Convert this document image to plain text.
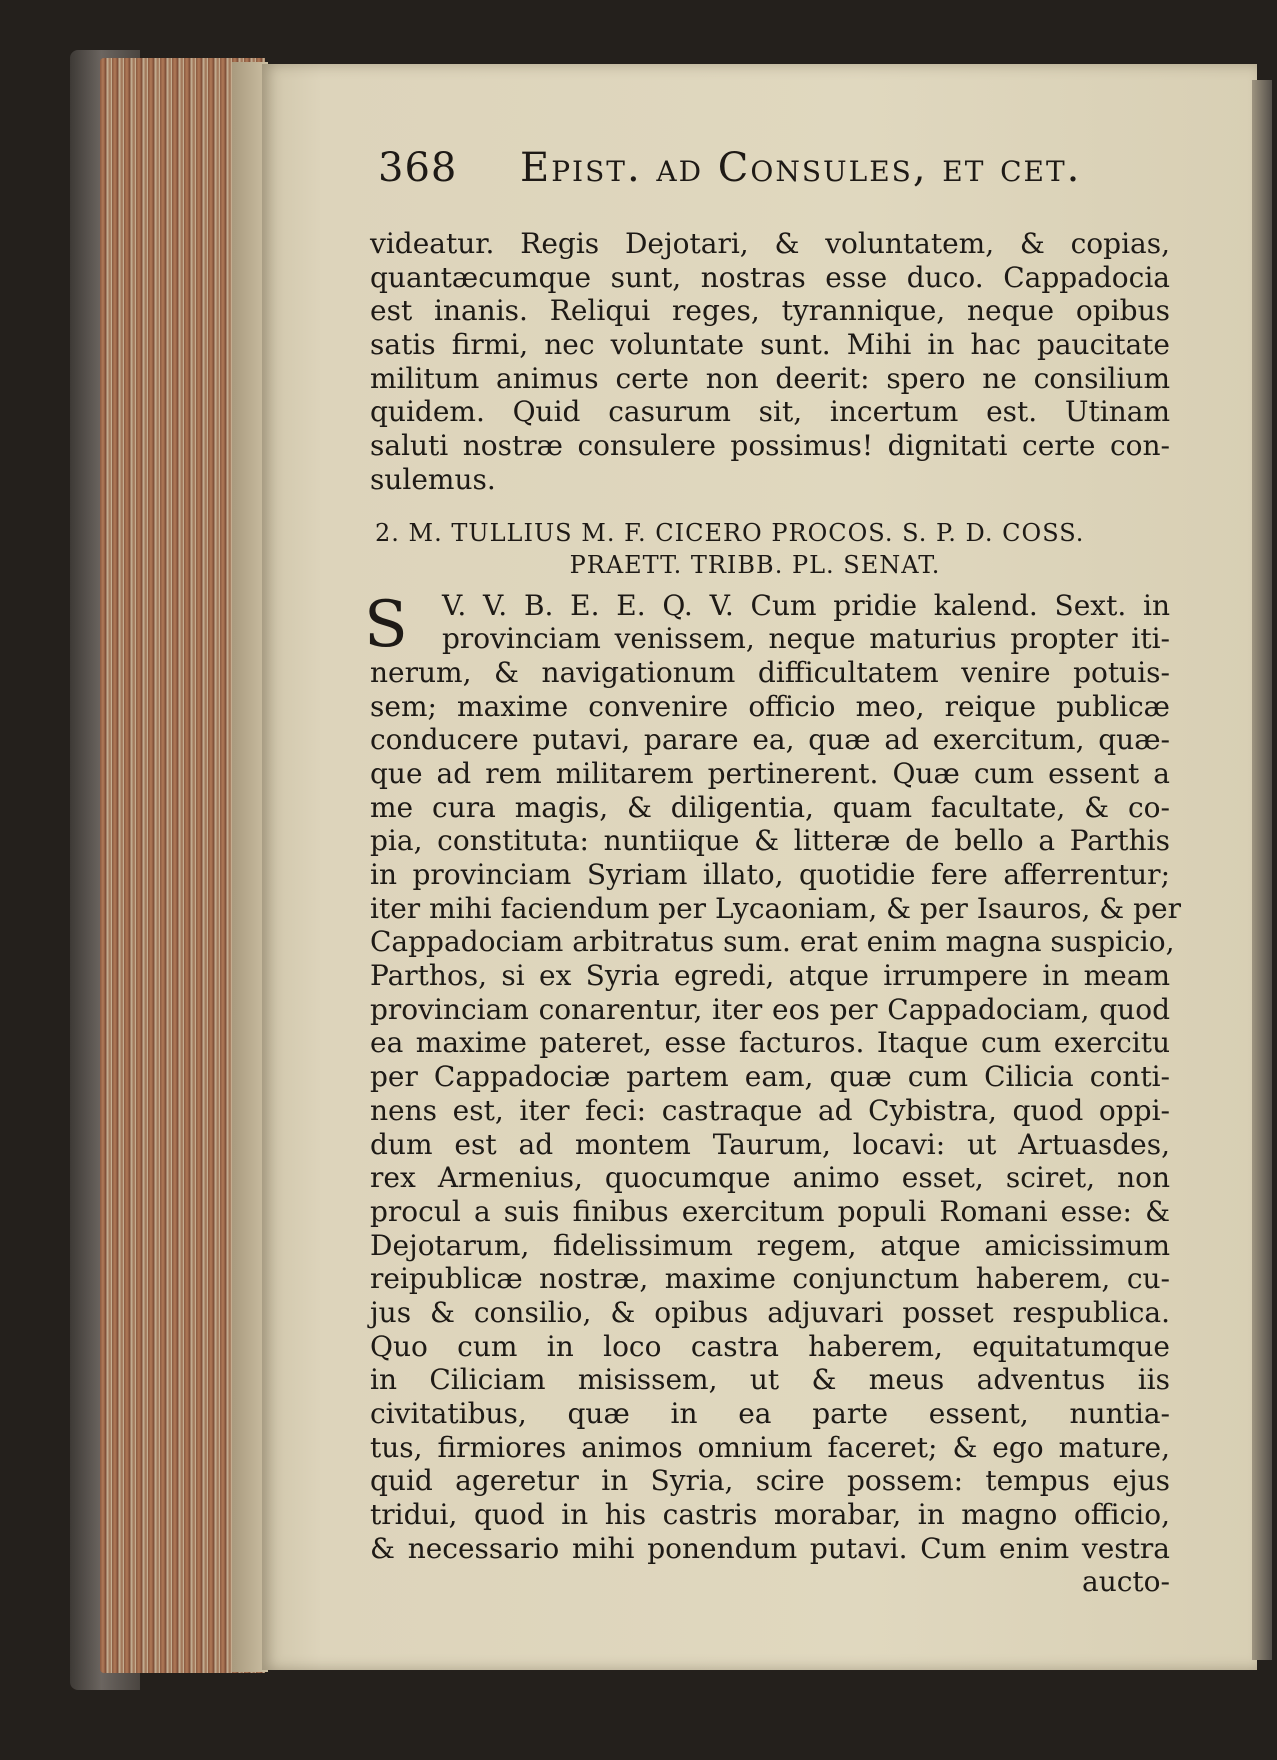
368 Epist. ad Consules, et cet.
videatur. Regis Dejotari, & voluntatem, & copias,
quantæcumque sunt, nostras esse duco. Cappadocia
est inanis. Reliqui reges, tyrannique, neque opibus
satis firmi, nec voluntate sunt. Mihi in hac paucitate
militum animus certe non deerit: spero ne consilium
quidem. Quid casurum sit, incertum est. Utinam
saluti nostræ consulere possimus! dignitati certe con-
sulemus.
2. M. TULLIUS M. F. CICERO PROCOS. S. P. D. COSS.
PRAETT. TRIBB. PL. SENAT.
S	V. V. B. E. E. Q. V. Cum pridie kalend. Sext. in
provinciam venissem, neque maturius propter iti-
nerum, & navigationum difficultatem venire potuis-
sem; maxime convenire officio meo, reique publicæ
conducere putavi, parare ea, quæ ad exercitum, quæ-
que ad rem militarem pertinerent. Quæ cum essent a
me cura magis, & diligentia, quam facultate, & co-
pia, constituta: nuntiique & litteræ de bello a Parthis
in provinciam Syriam illato, quotidie fere afferrentur;
iter mihi faciendum per Lycaoniam, & per Isauros, & per
Cappadociam arbitratus sum. erat enim magna suspicio,
Parthos, si ex Syria egredi, atque irrumpere in meam
provinciam conarentur, iter eos per Cappadociam, quod
ea maxime pateret, esse facturos. Itaque cum exercitu
per Cappadociæ partem eam, quæ cum Cilicia conti-
nens est, iter feci: castraque ad Cybistra, quod oppi-
dum est ad montem Taurum, locavi: ut Artuasdes,
rex Armenius, quocumque animo esset, sciret, non
procul a suis finibus exercitum populi Romani esse: &
Dejotarum, fidelissimum regem, atque amicissimum
reipublicæ nostræ, maxime conjunctum haberem, cu-
jus & consilio, & opibus adjuvari posset respublica.
Quo cum in loco castra haberem, equitatumque
in Ciliciam misissem, ut & meus adventus iis
civitatibus, quæ in ea parte essent, nuntia-
tus, firmiores animos omnium faceret; & ego mature,
quid ageretur in Syria, scire possem: tempus ejus
tridui, quod in his castris morabar, in magno officio,
& necessario mihi ponendum putavi. Cum enim vestra
aucto-
